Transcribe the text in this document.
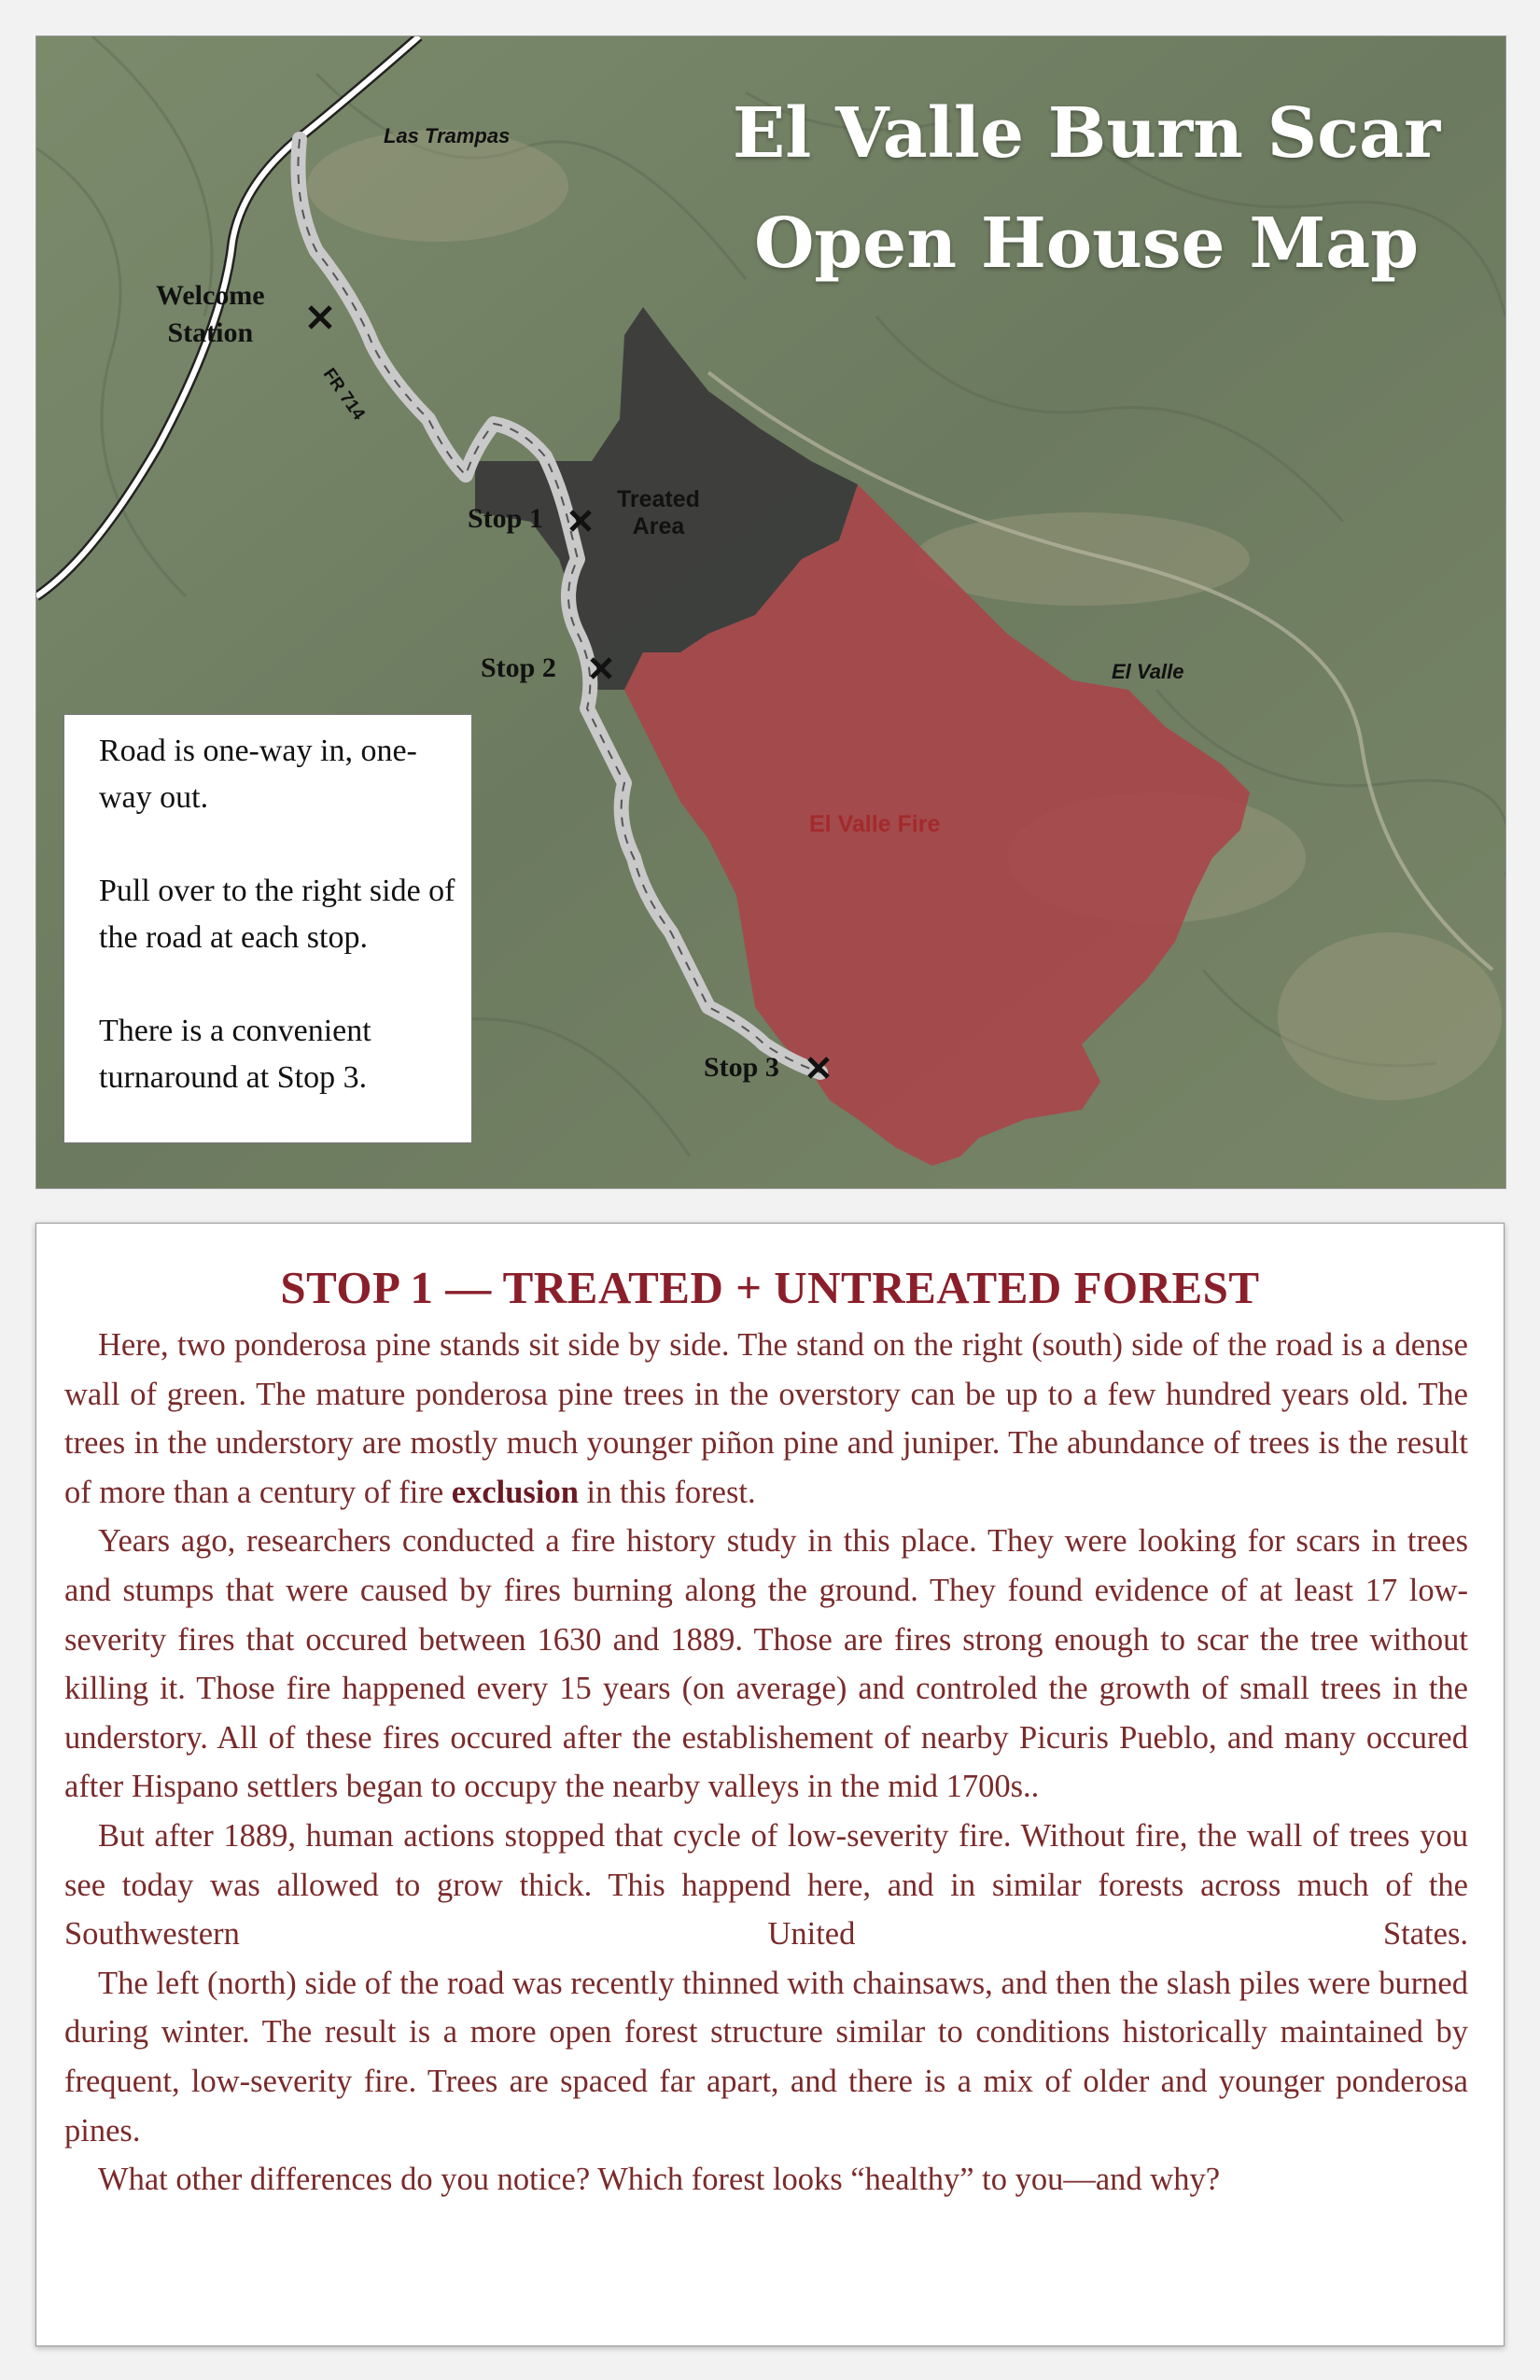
El Valle Burn Scar
Open House Map
Las Trampas
El Valle
Welcome
Station
FR 714
Stop 1
Stop 2
Stop 3
Treated
Area
El Valle Fire

Road is one-way in, one-way out.

Pull over to the right side of the road at each stop.

There is a convenient turnaround at Stop 3.

STOP 1 — TREATED + UNTREATED FOREST

Here, two ponderosa pine stands sit side by side. The stand on the right (south) side of the road is a dense wall of green. The mature ponderosa pine trees in the overstory can be up to a few hundred years old. The trees in the understory are mostly much younger piñon pine and juniper. The abundance of trees is the result of more than a century of fire exclusion in this forest.

Years ago, researchers conducted a fire history study in this place. They were looking for scars in trees and stumps that were caused by fires burning along the ground. They found evidence of at least 17 low-severity fires that occured between 1630 and 1889. Those are fires strong enough to scar the tree without killing it. Those fire happened every 15 years (on average) and controled the growth of small trees in the understory. All of these fires occured after the establishement of nearby Picuris Pueblo, and many occured after Hispano settlers began to occupy the nearby valleys in the mid 1700s..

But after 1889, human actions stopped that cycle of low-severity fire. Without fire, the wall of trees you see today was allowed to grow thick. This happend here, and in similar forests across much of the Southwestern United States.

The left (north) side of the road was recently thinned with chainsaws, and then the slash piles were burned during winter. The result is a more open forest structure similar to conditions historically maintained by frequent, low-severity fire. Trees are spaced far apart, and there is a mix of older and younger ponderosa pines.

What other differences do you notice? Which forest looks “healthy” to you—and why?
